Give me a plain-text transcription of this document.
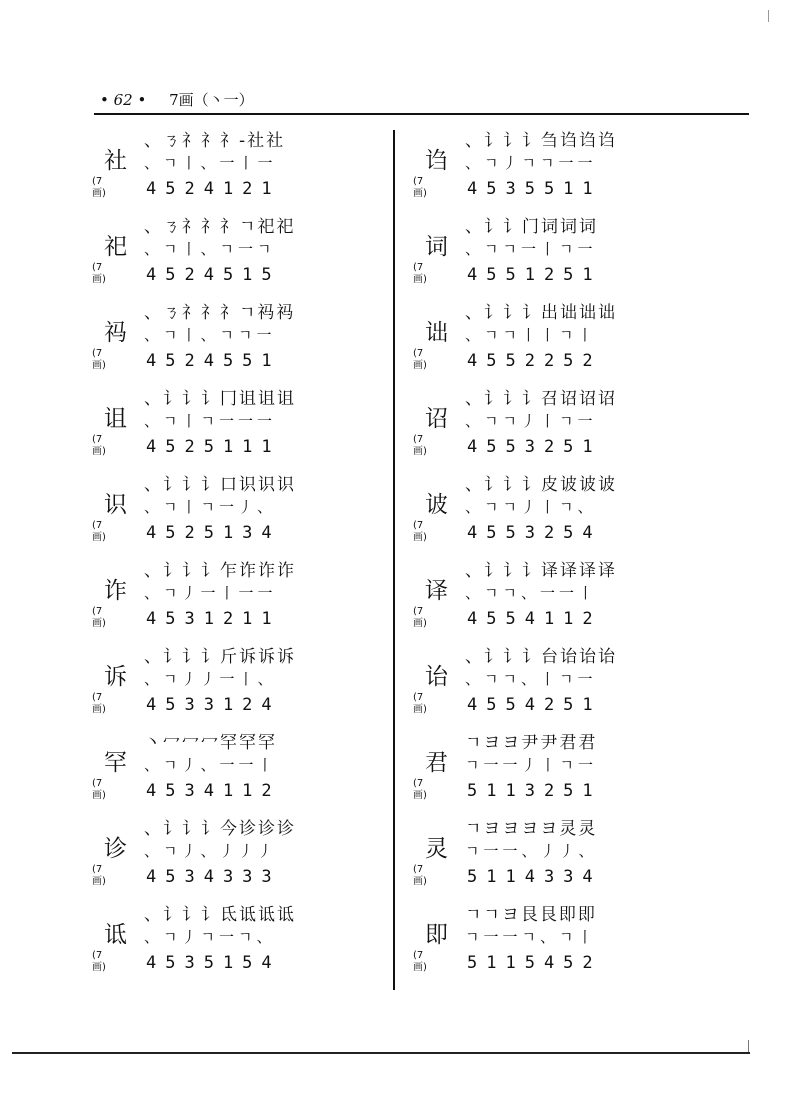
• 62 • 7画（丶一）
、ㄋ礻礻礻-社社
社 、ㄱ丨、一丨一
(7画) 4524121
、ㄋ礻礻礻ㄱ祀祀
祀 、ㄱ丨、ㄱ一ㄱ
(7画) 4524515
、ㄋ礻礻礻ㄱ祃祃
祃 、ㄱ丨、ㄱㄱ一
(7画) 4524551
、讠讠讠冂诅诅诅
诅 、ㄱ丨ㄱ一一一
(7画) 4525111
、讠讠讠口识识识
识 、ㄱ丨ㄱ一丿、
(7画) 4525134
、讠讠讠乍诈诈诈
诈 、ㄱ丿一丨一一
(7画) 4531211
、讠讠讠斤诉诉诉
诉 、ㄱ丿丿一丨、
(7画) 4533124
丶冖冖冖罕罕罕
罕 、ㄱ丿、一一丨
(7画) 4534112
、讠讠讠今诊诊诊
诊 、ㄱ丿、丿丿丿
(7画) 4534333
、讠讠讠氐诋诋诋
诋 、ㄱ丿ㄱ一ㄱ、
(7画) 4535154
、讠讠讠刍诌诌诌
诌 、ㄱ丿ㄱㄱ一一
(7画) 4535511
、讠讠门词词词
词 、ㄱㄱ一丨ㄱ一
(7画) 4551251
、讠讠讠出诎诎诎
诎 、ㄱㄱ丨丨ㄱ丨
(7画) 4552252
、讠讠讠召诏诏诏
诏 、ㄱㄱ丿丨ㄱ一
(7画) 4553251
、讠讠讠皮诐诐诐
诐 、ㄱㄱ丿丨ㄱ、
(7画) 4553254
、讠讠讠译译译译
译 、ㄱㄱ、一一丨
(7画) 4554112
、讠讠讠台诒诒诒
诒 、ㄱㄱ、丨ㄱ一
(7画) 4554251
ㄱヨヨ尹尹君君
君 ㄱ一一丿丨ㄱ一
(7画) 5113251
ㄱヨヨヨヨ灵灵
灵 ㄱ一一、丿丿、
(7画) 5114334
ㄱㄱヨ艮艮即即
即 ㄱ一一ㄱ、ㄱ丨
(7画) 5115452
